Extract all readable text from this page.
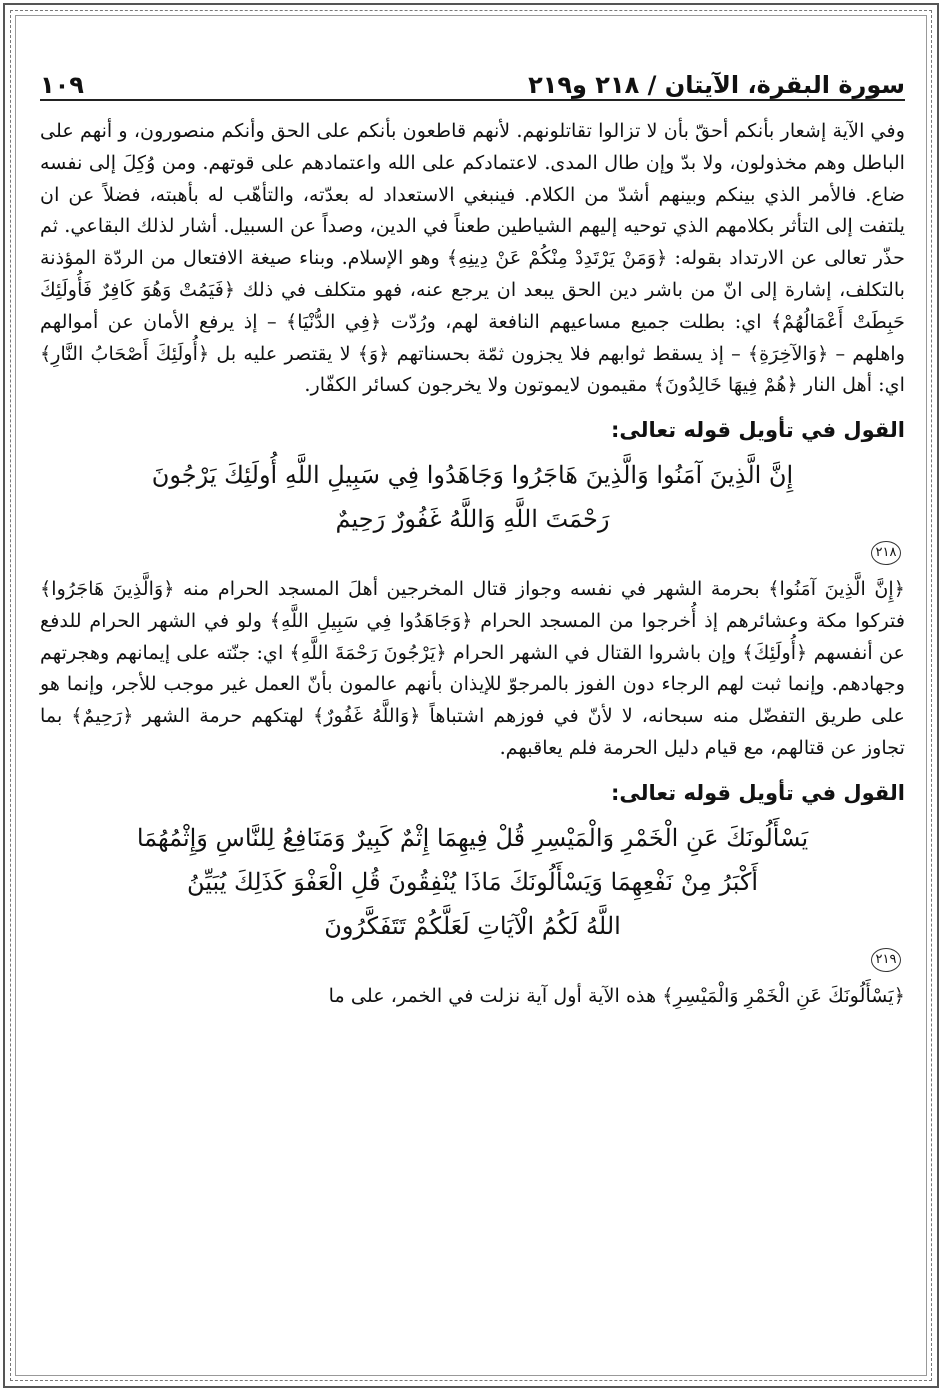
سورة البقرة، الآيتان / ٢١٨ و٢١٩
١٠٩

وفي الآية إشعار بأنكم أحقّ بأن لا تزالوا تقاتلونهم. لأنهم قاطعون بأنكم على الحق وأنكم منصورون، و أنهم على الباطل وهم مخذولون، ولا بدّ وإن طال المدى. لاعتمادكم على الله واعتمادهم على قوتهم. ومن وُكِلَ إلى نفسه ضاع. فالأمر الذي بينكم وبينهم أشدّ من الكلام. فينبغي الاستعداد له بعدّته، والتأهّب له بأهبته، فضلاً عن ان يلتفت إلى التأثر بكلامهم الذي توحيه إليهم الشياطين طعناً في الدين، وصداً عن السبيل. أشار لذلك البقاعي. ثم حذّر تعالى عن الارتداد بقوله: ﴿وَمَنْ يَرْتَدِدْ مِنْكُمْ عَنْ دِينِهِ﴾ وهو الإسلام. وبناء صيغة الافتعال من الردّة المؤذنة بالتكلف، إشارة إلى انّ من باشر دين الحق يبعد ان يرجع عنه، فهو متكلف في ذلك ﴿فَيَمُتْ وَهُوَ كَافِرٌ فَأُولَئِكَ حَبِطَتْ أَعْمَالُهُمْ﴾ اي: بطلت جميع مساعيهم النافعة لهم، ورُدّت ﴿فِي الدُّنْيَا﴾ – إذ يرفع الأمان عن أموالهم واهلهم – ﴿وَالآخِرَةِ﴾ – إذ يسقط ثوابهم فلا يجزون ثمّة بحسناتهم ﴿وَ﴾ لا يقتصر عليه بل ﴿أُولَئِكَ أَصْحَابُ النَّارِ﴾ اي: أهل النار ﴿هُمْ فِيهَا خَالِدُونَ﴾ مقيمون لايموتون ولا يخرجون كسائر الكفّار.

القول في تأويل قوله تعالى:
إِنَّ الَّذِينَ آمَنُوا وَالَّذِينَ هَاجَرُوا وَجَاهَدُوا فِي سَبِيلِ اللَّهِ أُولَئِكَ يَرْجُونَ
رَحْمَتَ اللَّهِ وَاللَّهُ غَفُورٌ رَحِيمٌ
٢١٨

﴿إِنَّ الَّذِينَ آمَنُوا﴾ بحرمة الشهر في نفسه وجواز قتال المخرجين أهلَ المسجد الحرام منه ﴿وَالَّذِينَ هَاجَرُوا﴾ فتركوا مكة وعشائرهم إذ أُخرجوا من المسجد الحرام ﴿وَجَاهَدُوا فِي سَبِيلِ اللَّهِ﴾ ولو في الشهر الحرام للدفع عن أنفسهم ﴿أُولَئِكَ﴾ وإن باشروا القتال في الشهر الحرام ﴿يَرْجُونَ رَحْمَةَ اللَّهِ﴾ اي: جنّته على إيمانهم وهجرتهم وجهادهم. وإنما ثبت لهم الرجاء دون الفوز بالمرجوّ للإيذان بأنهم عالمون بأنّ العمل غير موجب للأجر، وإنما هو على طريق التفضّل منه سبحانه، لا لأنّ في فوزهم اشتباهاً ﴿وَاللَّهُ غَفُورٌ﴾ لهتكهم حرمة الشهر ﴿رَحِيمٌ﴾ بما تجاوز عن قتالهم، مع قيام دليل الحرمة فلم يعاقبهم.

القول في تأويل قوله تعالى:
يَسْأَلُونَكَ عَنِ الْخَمْرِ وَالْمَيْسِرِ قُلْ فِيهِمَا إِثْمٌ كَبِيرٌ وَمَنَافِعُ لِلنَّاسِ وَإِثْمُهُمَا
أَكْبَرُ مِنْ نَفْعِهِمَا وَيَسْأَلُونَكَ مَاذَا يُنْفِقُونَ قُلِ الْعَفْوَ كَذَلِكَ يُبَيِّنُ
اللَّهُ لَكُمُ الْآيَاتِ لَعَلَّكُمْ تَتَفَكَّرُونَ
٢١٩

﴿يَسْأَلُونَكَ عَنِ الْخَمْرِ وَالْمَيْسِرِ﴾ هذه الآية أول آية نزلت في الخمر، على ما
